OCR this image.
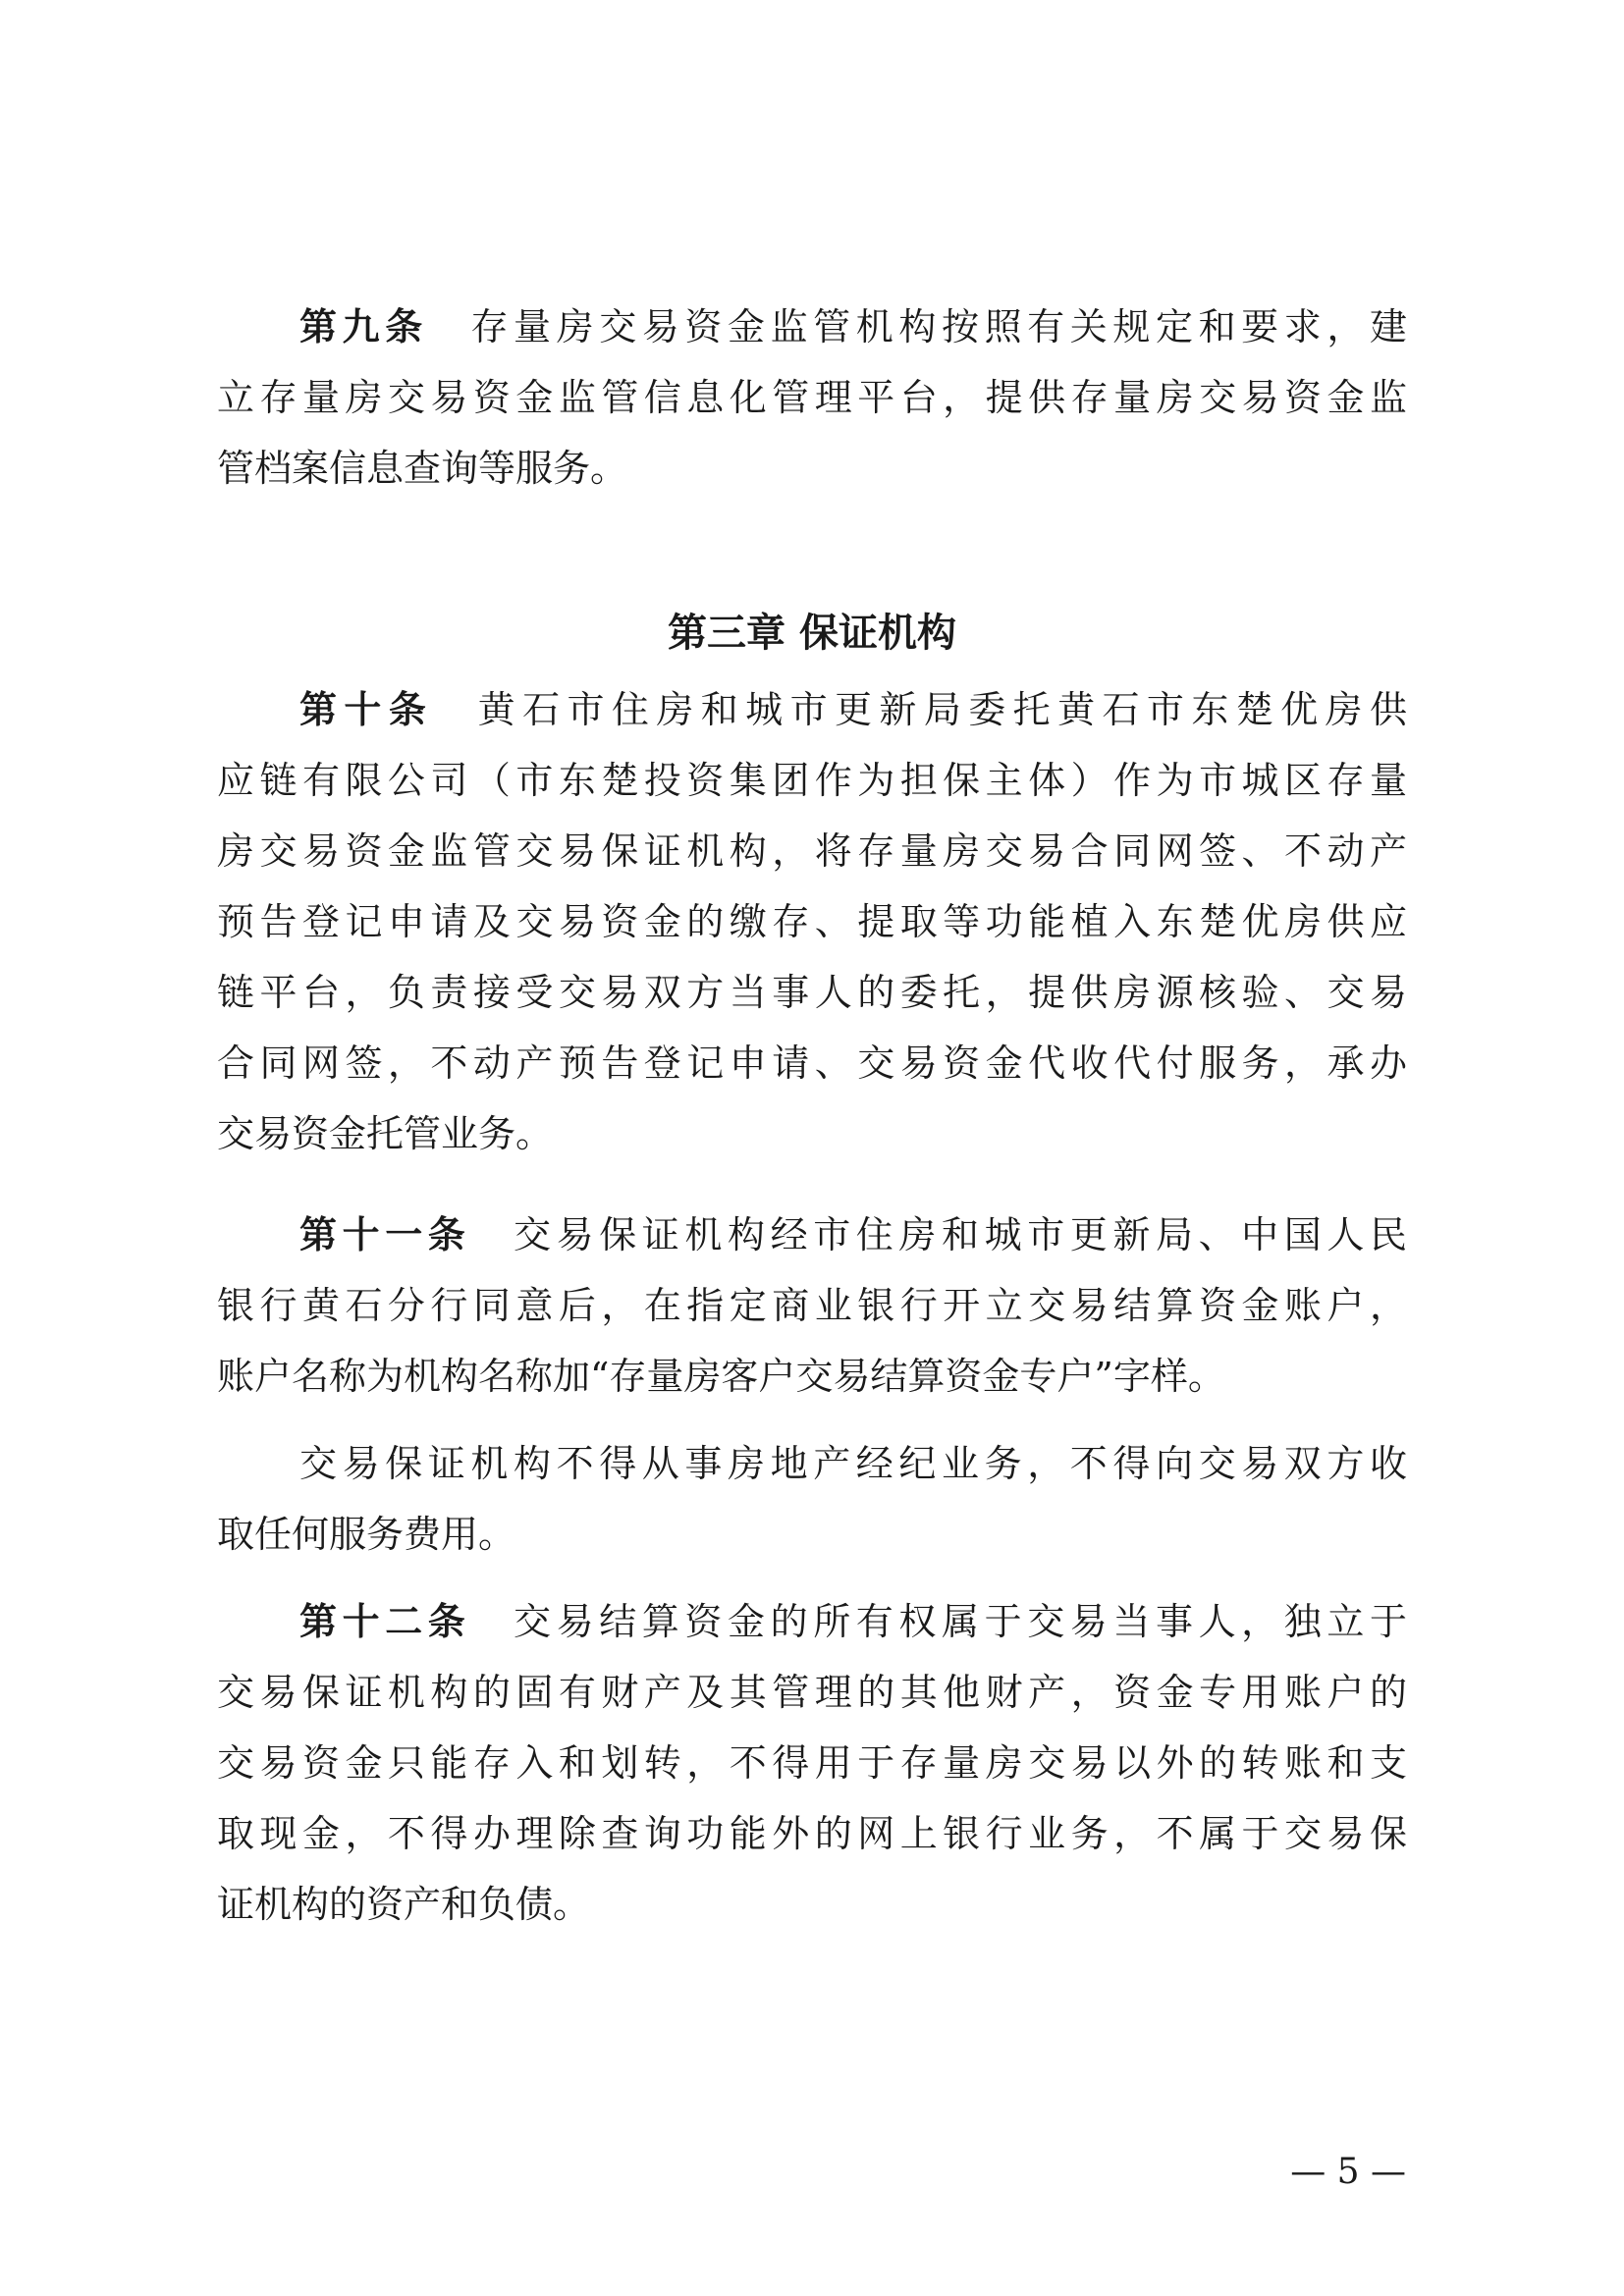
第九条 存量房交易资金监管机构按照有关规定和要求，建
立存量房交易资金监管信息化管理平台，提供存量房交易资金监
管档案信息查询等服务。
第三章 保证机构
第十条 黄石市住房和城市更新局委托黄石市东楚优房供
应链有限公司（市东楚投资集团作为担保主体）作为市城区存量
房交易资金监管交易保证机构，将存量房交易合同网签、不动产
预告登记申请及交易资金的缴存、提取等功能植入东楚优房供应
链平台，负责接受交易双方当事人的委托，提供房源核验、交易
合同网签，不动产预告登记申请、交易资金代收代付服务，承办
交易资金托管业务。
第十一条 交易保证机构经市住房和城市更新局、中国人民
银行黄石分行同意后，在指定商业银行开立交易结算资金账户，
账户名称为机构名称加“存量房客户交易结算资金专户”字样。
交易保证机构不得从事房地产经纪业务，不得向交易双方收
取任何服务费用。
第十二条 交易结算资金的所有权属于交易当事人，独立于
交易保证机构的固有财产及其管理的其他财产，资金专用账户的
交易资金只能存入和划转，不得用于存量房交易以外的转账和支
取现金，不得办理除查询功能外的网上银行业务，不属于交易保
证机构的资产和负债。
— 5 —
